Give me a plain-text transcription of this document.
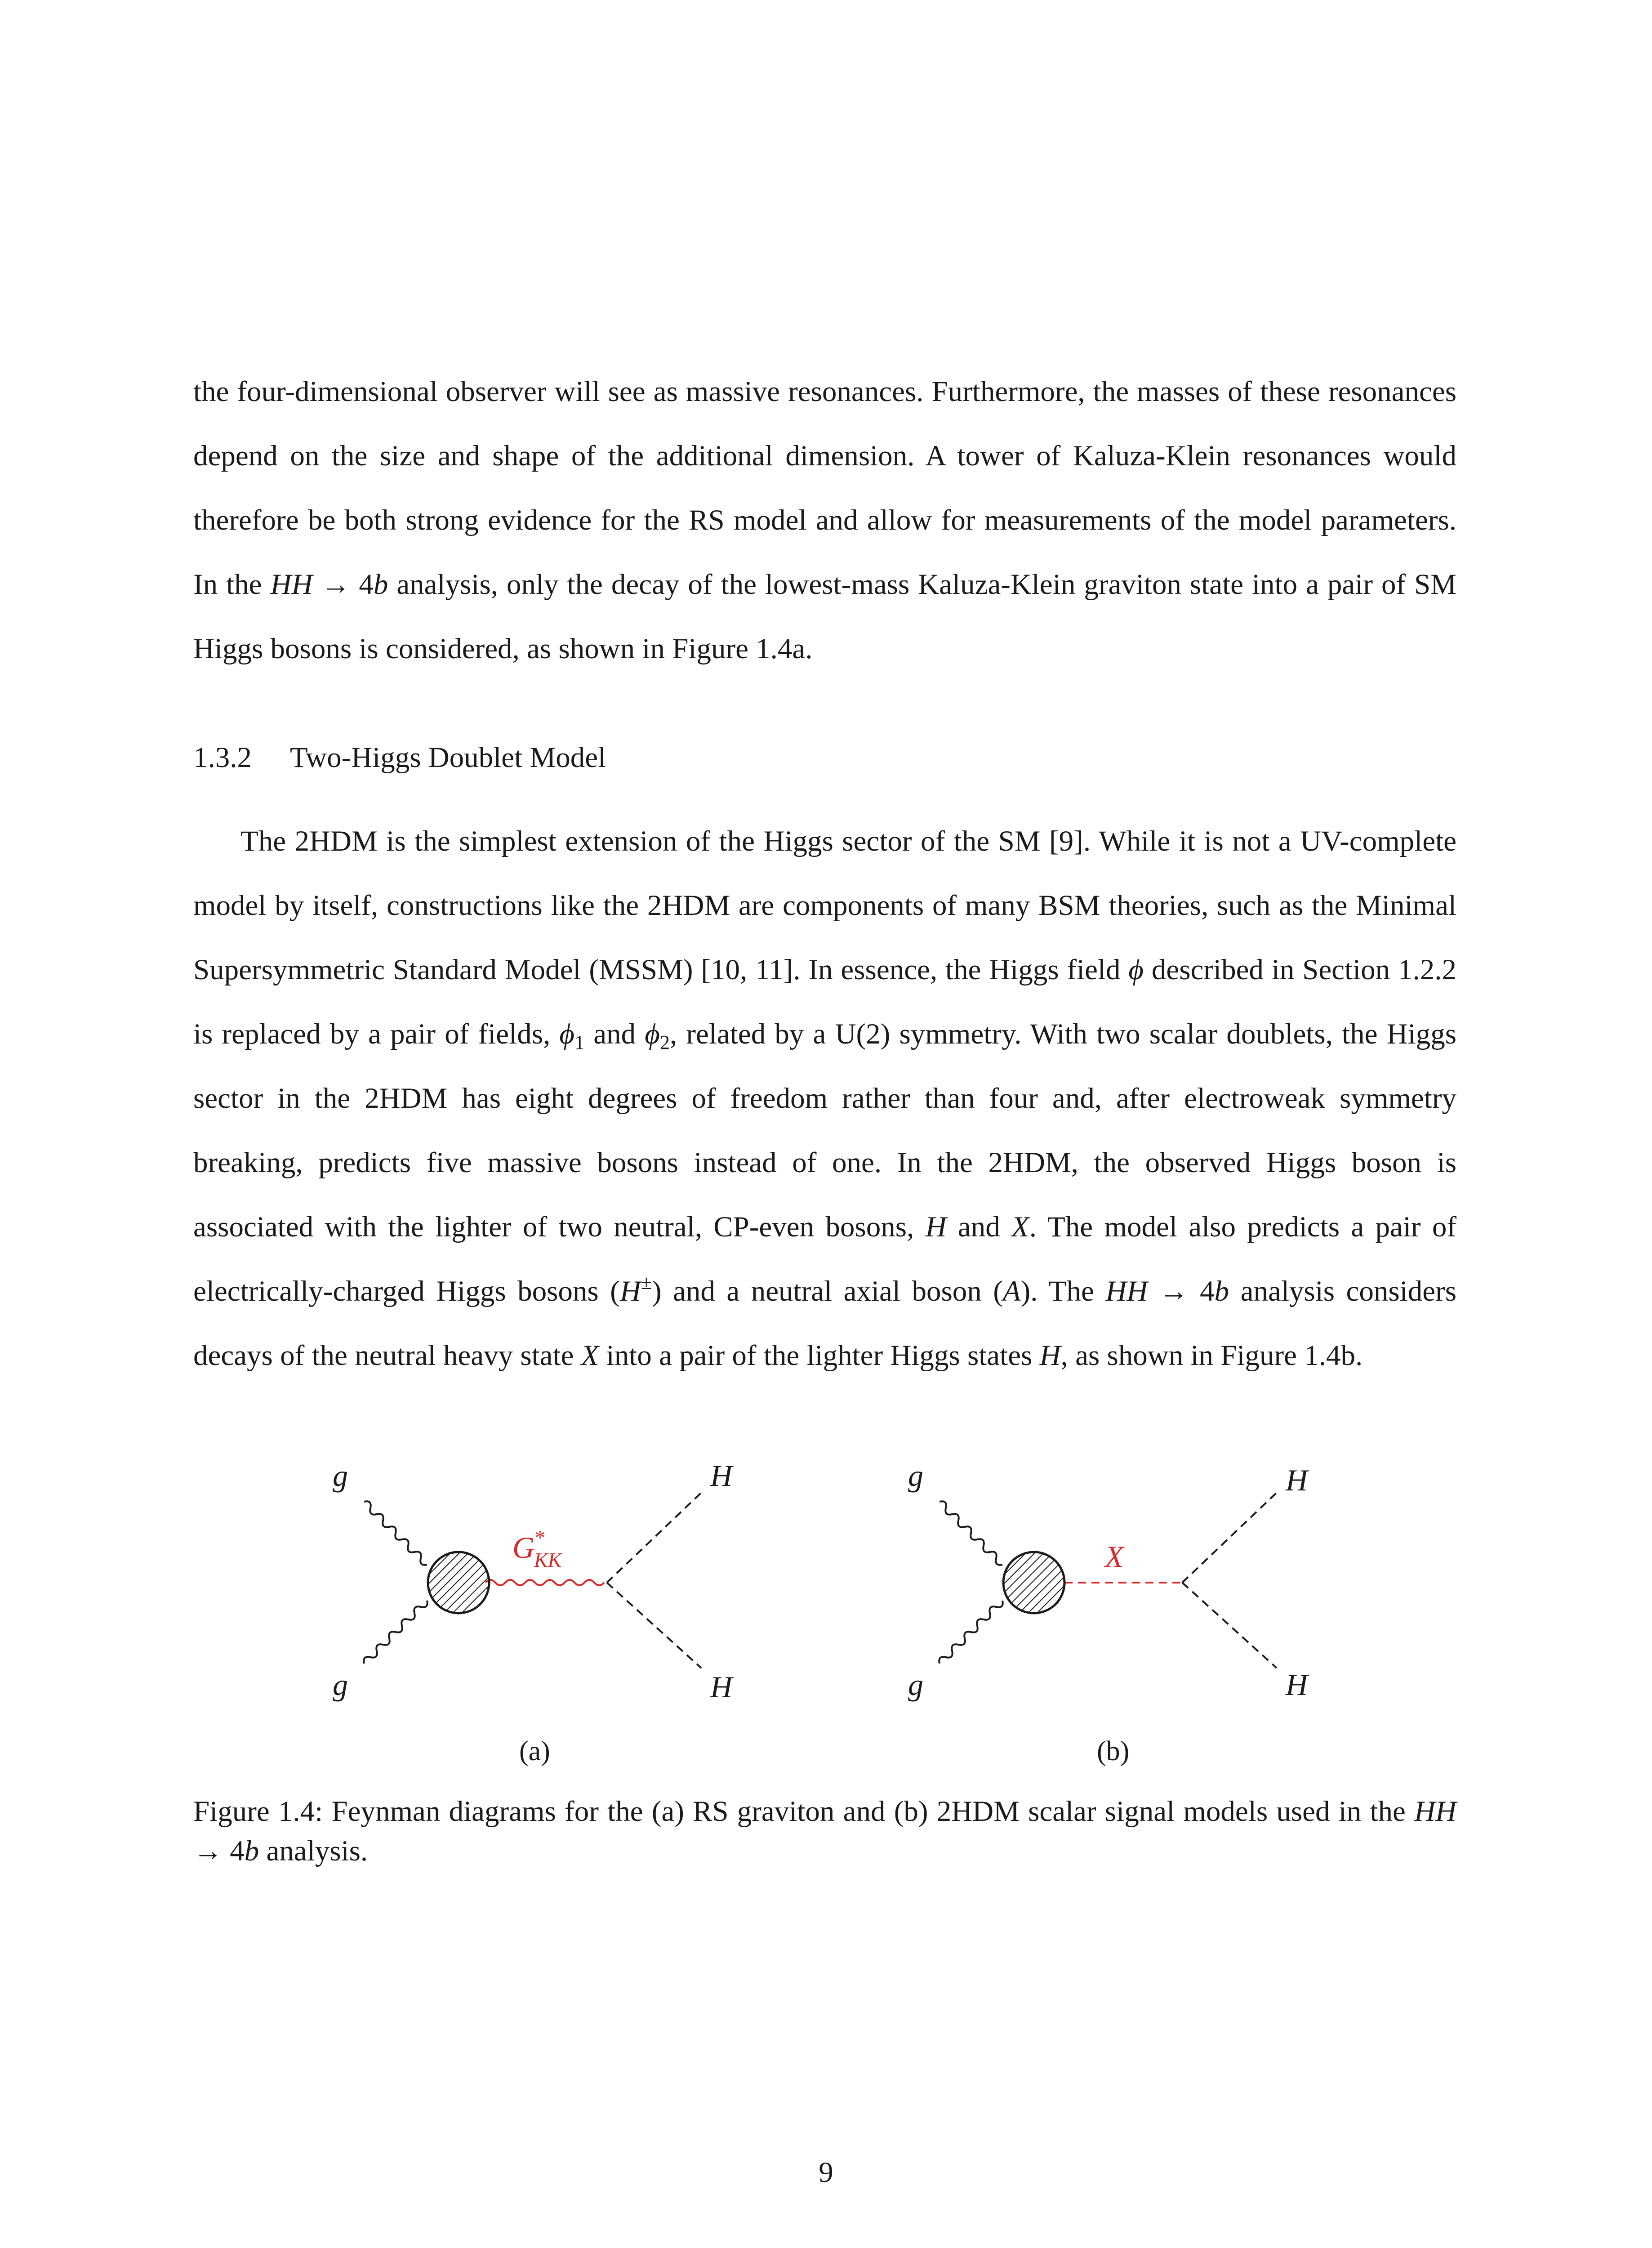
the four-dimensional observer will see as massive resonances. Furthermore, the masses of these resonances depend on the size and shape of the additional dimension. A tower of Kaluza-Klein resonances would therefore be both strong evidence for the RS model and allow for measurements of the model parameters. In the HH → 4b analysis, only the decay of the lowest-mass Kaluza-Klein graviton state into a pair of SM Higgs bosons is considered, as shown in Figure 1.4a.

1.3.2 Two-Higgs Doublet Model

The 2HDM is the simplest extension of the Higgs sector of the SM [9]. While it is not a UV-complete model by itself, constructions like the 2HDM are components of many BSM theories, such as the Minimal Supersymmetric Standard Model (MSSM) [10, 11]. In essence, the Higgs field ϕ described in Section 1.2.2 is replaced by a pair of fields, $\phi_1$ and $\phi_2$, related by a U(2) symmetry. With two scalar doublets, the Higgs sector in the 2HDM has eight degrees of freedom rather than four and, after electroweak symmetry breaking, predicts five massive bosons instead of one. In the 2HDM, the observed Higgs boson is associated with the lighter of two neutral, CP-even bosons, H and X. The model also predicts a pair of electrically-charged Higgs bosons (H±) and a neutral axial boson (A). The HH → 4b analysis considers decays of the neutral heavy state X into a pair of the lighter Higgs states H, as shown in Figure 1.4b.

g
g
H
H
G *
KK
(a)
g
g
H
H
X
(b)

Figure 1.4: Feynman diagrams for the (a) RS graviton and (b) 2HDM scalar signal models used in the HH → 4b analysis.

9
